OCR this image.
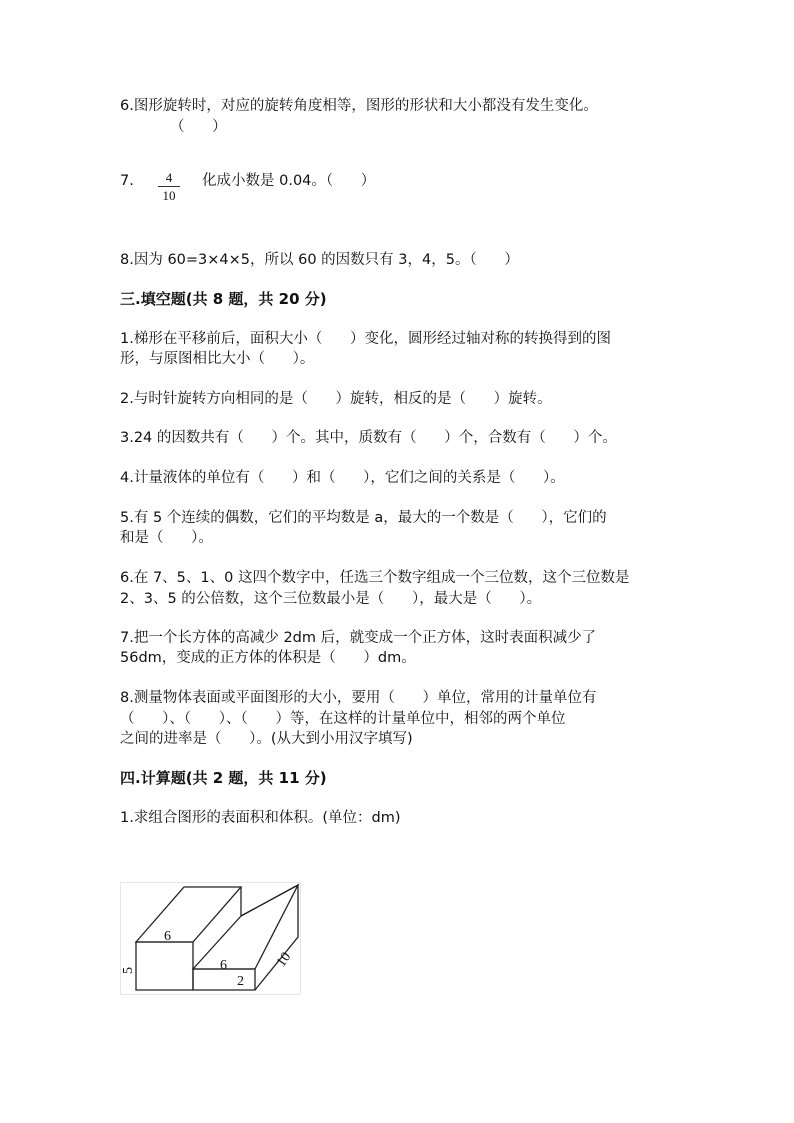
6.图形旋转时，对应的旋转角度相等，图形的形状和大小都没有发生变化。
（      ）
7.	4
10
化成小数是 0.04。（      ）
8.因为 60=3×4×5，所以 60 的因数只有 3，4，5。（      ）
三.填空题(共 8 题，共 20 分)
1.梯形在平移前后，面积大小（      ）变化，圆形经过轴对称的转换得到的图
形，与原图相比大小（      ）。
2.与时针旋转方向相同的是（      ）旋转，相反的是（      ）旋转。
3.24 的因数共有（      ）个。其中，质数有（      ）个，合数有（      ）个。
4.计量液体的单位有（      ）和（      ），它们之间的关系是（      ）。
5.有 5 个连续的偶数，它们的平均数是 a，最大的一个数是（      ），它们的
和是（      ）。
6.在 7、5、1、0 这四个数字中，任选三个数字组成一个三位数，这个三位数是
2、3、5 的公倍数，这个三位数最小是（      ），最大是（      ）。
7.把一个长方体的高减少 2dm 后，就变成一个正方体，这时表面积减少了
56dm，变成的正方体的体积是（      ）dm。
8.测量物体表面或平面图形的大小，要用（      ）单位，常用的计量单位有
（      ）、（      ）、（      ）等，在这样的计量单位中，相邻的两个单位
之间的进率是（      ）。(从大到小用汉字填写)
四.计算题(共 2 题，共 11 分)
1.求组合图形的表面积和体积。(单位：dm)
6
6
5
10
2
